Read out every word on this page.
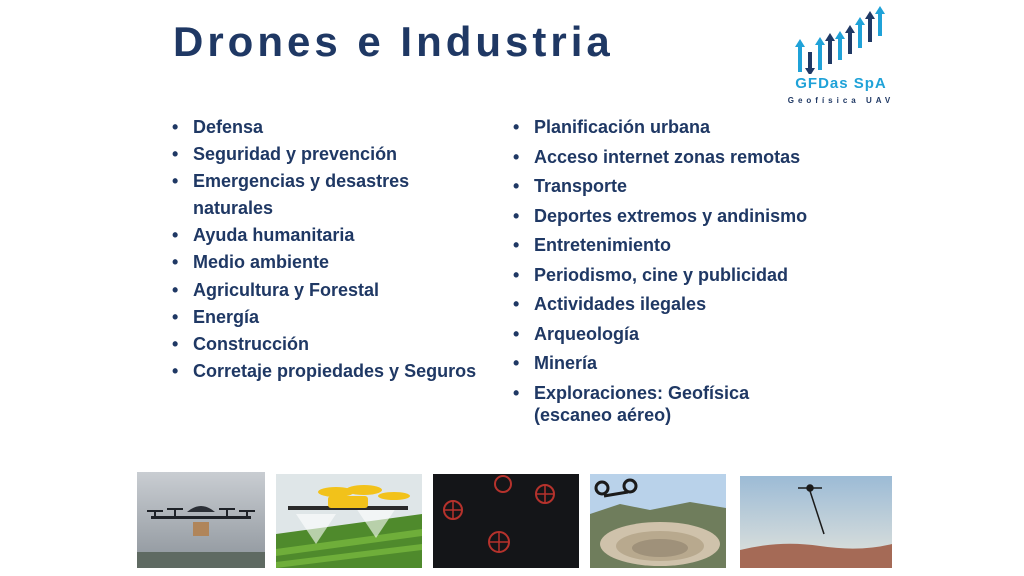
Drones e Industria
GFDas SpA
Geofísica UAV
• Defensa
• Seguridad y prevención
• Emergencias y desastres naturales
• Ayuda humanitaria
• Medio ambiente
• Agricultura y Forestal
• Energía
• Construcción
• Corretaje propiedades y Seguros
• Planificación urbana
• Acceso internet zonas remotas
• Transporte
• Deportes extremos y andinismo
• Entretenimiento
• Periodismo, cine y publicidad
• Actividades ilegales
• Arqueología
• Minería
• Exploraciones: Geofísica (escaneo aéreo)
